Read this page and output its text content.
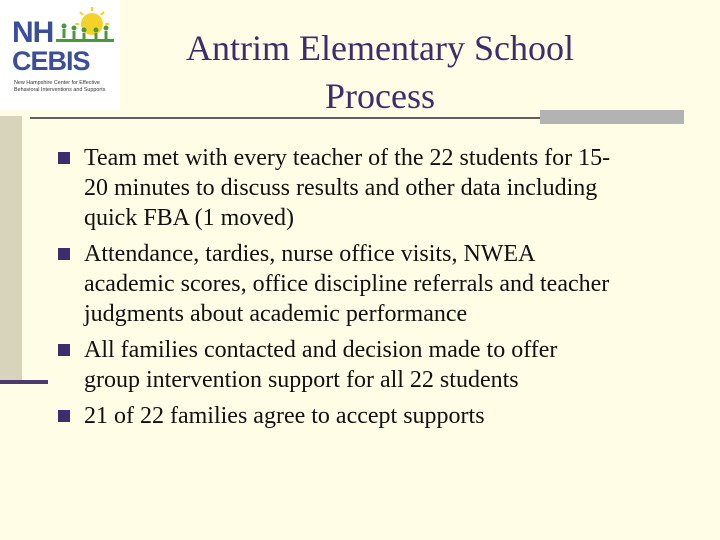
NH
CEBIS
New Hampshire Center for Effective Behavioral Interventions and Supports
Antrim Elementary School
Process
Team met with every teacher of the 22 students for 15-
20 minutes to discuss results and other data including
quick FBA (1 moved)
Attendance, tardies, nurse office visits, NWEA
academic scores, office discipline referrals and teacher
judgments about academic performance
All families contacted and decision made to offer
group intervention support for all 22 students
21 of 22 families agree to accept supports
